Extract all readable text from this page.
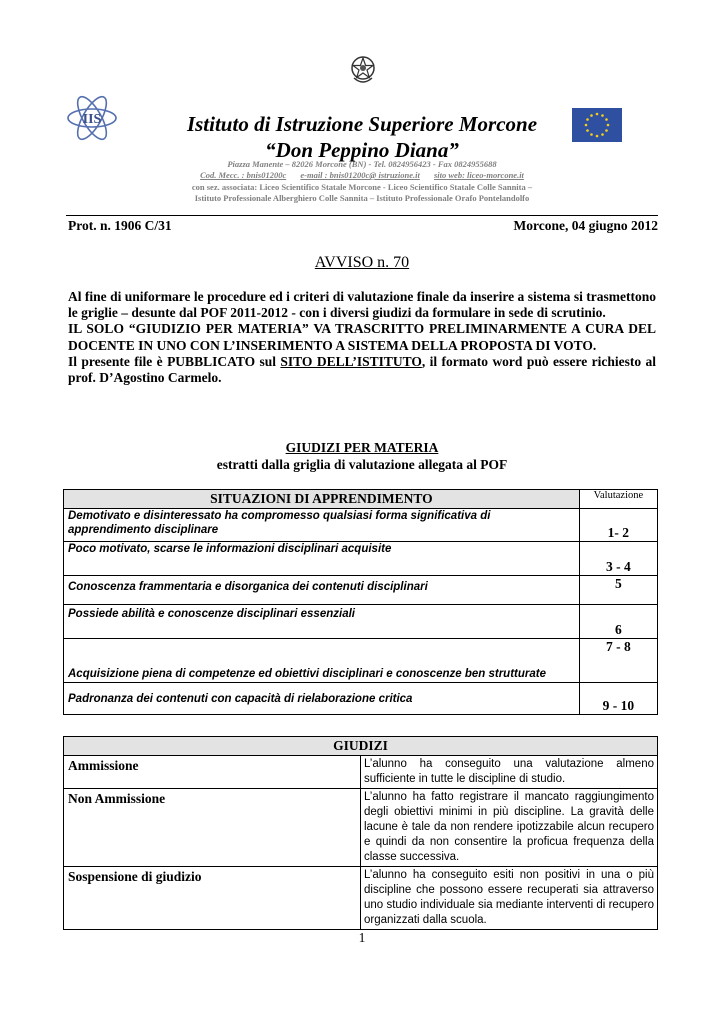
IIS	Istituto di Istruzione Superiore Morcone
“Don Peppino Diana”
Piazza Manente – 82026 Morcone (BN) - Tel. 0824956423 - Fax 0824955688
Cod. Mecc. : bnis01200c e-mail : bnis01200c@ istruzione.it sito web: liceo-morcone.it
con sez. associata: Liceo Scientifico Statale Morcone - Liceo Scientifico Statale Colle Sannita –
Istituto Professionale Alberghiero Colle Sannita – Istituto Professionale Orafo Pontelandolfo
Prot. n. 1906 C/31	Morcone, 04 giugno 2012
AVVISO n. 70

Al fine di uniformare le procedure ed i criteri di valutazione finale da inserire a sistema si trasmettono le griglie – desunte dal POF 2011-2012 - con i diversi giudizi da formulare in sede di scrutinio.

IL SOLO “GIUDIZIO PER MATERIA” VA TRASCRITTO PRELIMINARMENTE A CURA DEL DOCENTE IN UNO CON L’INSERIMENTO A SISTEMA DELLA PROPOSTA DI VOTO.

Il presente file è PUBBLICATO sul SITO DELL’ISTITUTO, il formato word può essere richiesto al prof. D’Agostino Carmelo.

GIUDIZI PER MATERIA
estratti dalla griglia di valutazione allegata al POF
SITUAZIONI DI APPRENDIMENTO	Valutazione
Demotivato e disinteressato ha compromesso qualsiasi forma significativa di apprendimento disciplinare	1- 2
Poco motivato, scarse le informazioni disciplinari acquisite	3 - 4
Conoscenza frammentaria e disorganica dei contenuti disciplinari	5
Possiede abilità e conoscenze disciplinari essenziali	6
Acquisizione piena di competenze ed obiettivi disciplinari e conoscenze ben strutturate	7 - 8
Padronanza dei contenuti con capacità di rielaborazione critica	9 - 10
GIUDIZI	
Ammissione	L’alunno ha conseguito una valutazione almeno sufficiente in tutte le discipline di studio.
Non Ammissione	L’alunno ha fatto registrare il mancato raggiungimento degli obiettivi minimi in più discipline. La gravità delle lacune è tale da non rendere ipotizzabile alcun recupero e quindi da non consentire la proficua frequenza della classe successiva.
Sospensione di giudizio	L’alunno ha conseguito esiti non positivi in una o più discipline che possono essere recuperati sia attraverso uno studio individuale sia mediante interventi di recupero organizzati dalla scuola.
1
